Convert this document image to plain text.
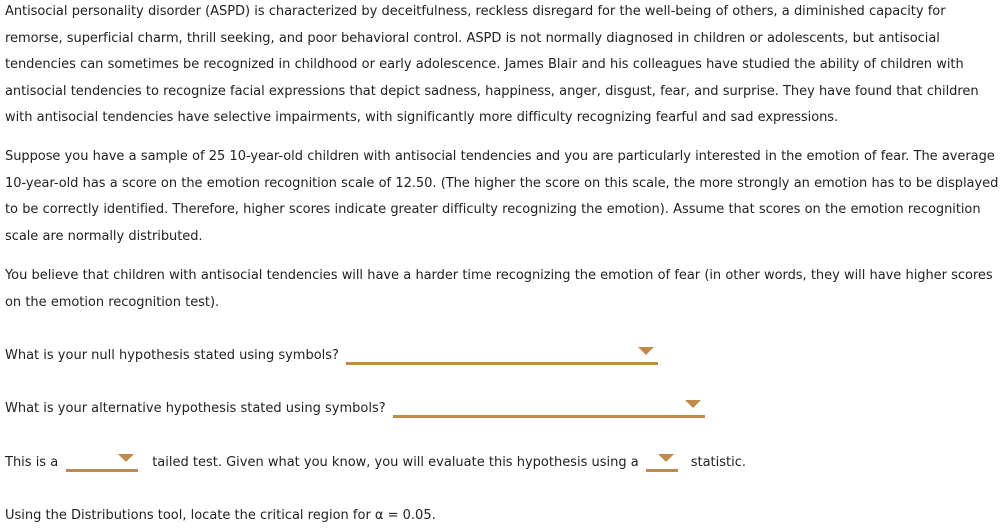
Antisocial personality disorder (ASPD) is characterized by deceitfulness, reckless disregard for the well-being of others, a diminished capacity for remorse, superficial charm, thrill seeking, and poor behavioral control. ASPD is not normally diagnosed in children or adolescents, but antisocial tendencies can sometimes be recognized in childhood or early adolescence. James Blair and his colleagues have studied the ability of children with antisocial tendencies to recognize facial expressions that depict sadness, happiness, anger, disgust, fear, and surprise. They have found that children with antisocial tendencies have selective impairments, with significantly more difficulty recognizing fearful and sad expressions.

Suppose you have a sample of 25 10-year-old children with antisocial tendencies and you are particularly interested in the emotion of fear. The average 10-year-old has a score on the emotion recognition scale of 12.50. (The higher the score on this scale, the more strongly an emotion has to be displayed to be correctly identified. Therefore, higher scores indicate greater difficulty recognizing the emotion). Assume that scores on the emotion recognition scale are normally distributed.

You believe that children with antisocial tendencies will have a harder time recognizing the emotion of fear (in other words, they will have higher scores on the emotion recognition test).

What is your null hypothesis stated using symbols?
What is your alternative hypothesis stated using symbols?
This is a	tailed test. Given what you know, you will evaluate this hypothesis using a	statistic.
Using the Distributions tool, locate the critical region for α = 0.05.
